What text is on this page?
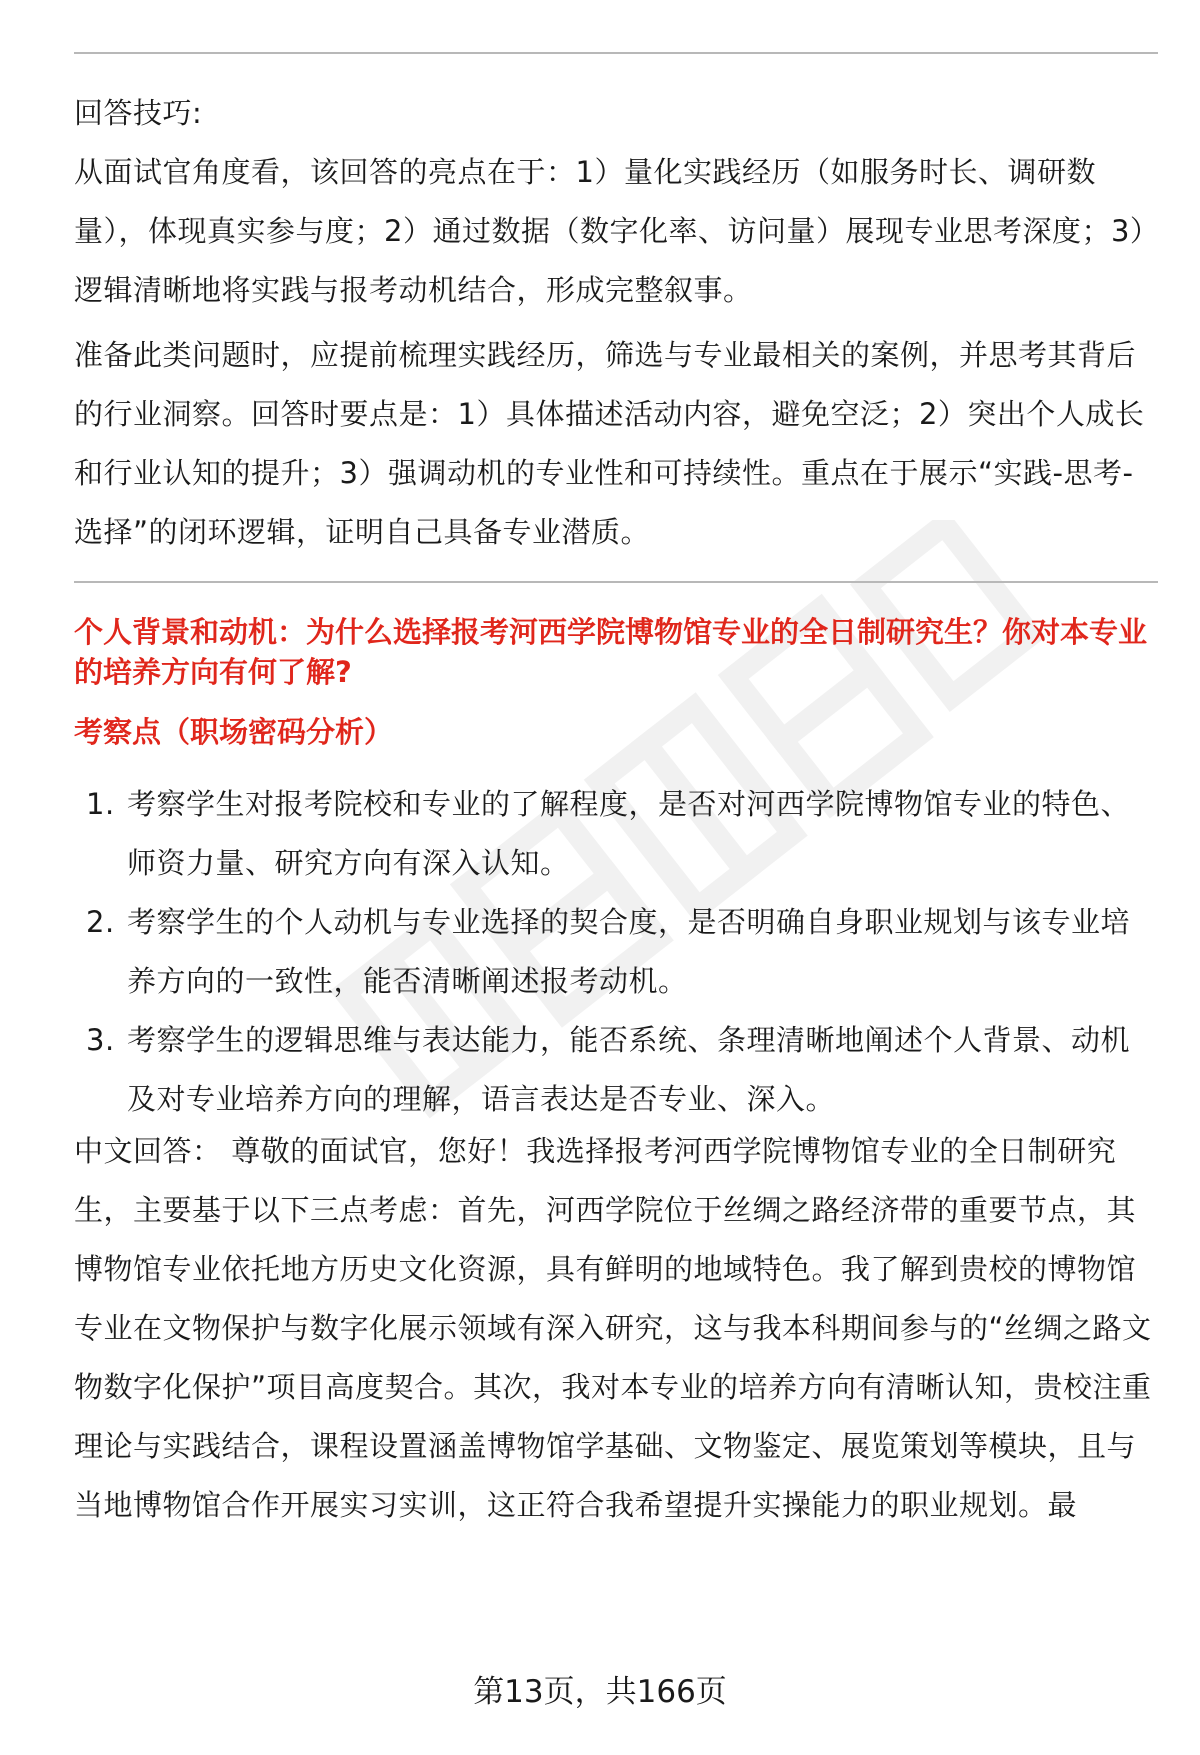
回答技巧:

从面试官角度看，该回答的亮点在于：1）量化实践经历（如服务时长、调研数量），体现真实参与度；2）通过数据（数字化率、访问量）展现专业思考深度；3）逻辑清晰地将实践与报考动机结合，形成完整叙事。

准备此类问题时，应提前梳理实践经历，筛选与专业最相关的案例，并思考其背后的行业洞察。回答时要点是：1）具体描述活动内容，避免空泛；2）突出个人成长和行业认知的提升；3）强调动机的专业性和可持续性。重点在于展示“实践-思考-选择”的闭环逻辑，证明自己具备专业潜质。

个人背景和动机：为什么选择报考河西学院博物馆专业的全日制研究生？你对本专业的培养方向有何了解?

考察点（职场密码分析）

1. 考察学生对报考院校和专业的了解程度，是否对河西学院博物馆专业的特色、师资力量、研究方向有深入认知。
2. 考察学生的个人动机与专业选择的契合度，是否明确自身职业规划与该专业培养方向的一致性，能否清晰阐述报考动机。
3. 考察学生的逻辑思维与表达能力，能否系统、条理清晰地阐述个人背景、动机及对专业培养方向的理解，语言表达是否专业、深入。

中文回答： 尊敬的面试官，您好！我选择报考河西学院博物馆专业的全日制研究生，主要基于以下三点考虑：首先，河西学院位于丝绸之路经济带的重要节点，其博物馆专业依托地方历史文化资源，具有鲜明的地域特色。我了解到贵校的博物馆专业在文物保护与数字化展示领域有深入研究，这与我本科期间参与的“丝绸之路文物数字化保护”项目高度契合。其次，我对本专业的培养方向有清晰认知，贵校注重理论与实践结合，课程设置涵盖博物馆学基础、文物鉴定、展览策划等模块，且与当地博物馆合作开展实习实训，这正符合我希望提升实操能力的职业规划。最

第13页，共166页
